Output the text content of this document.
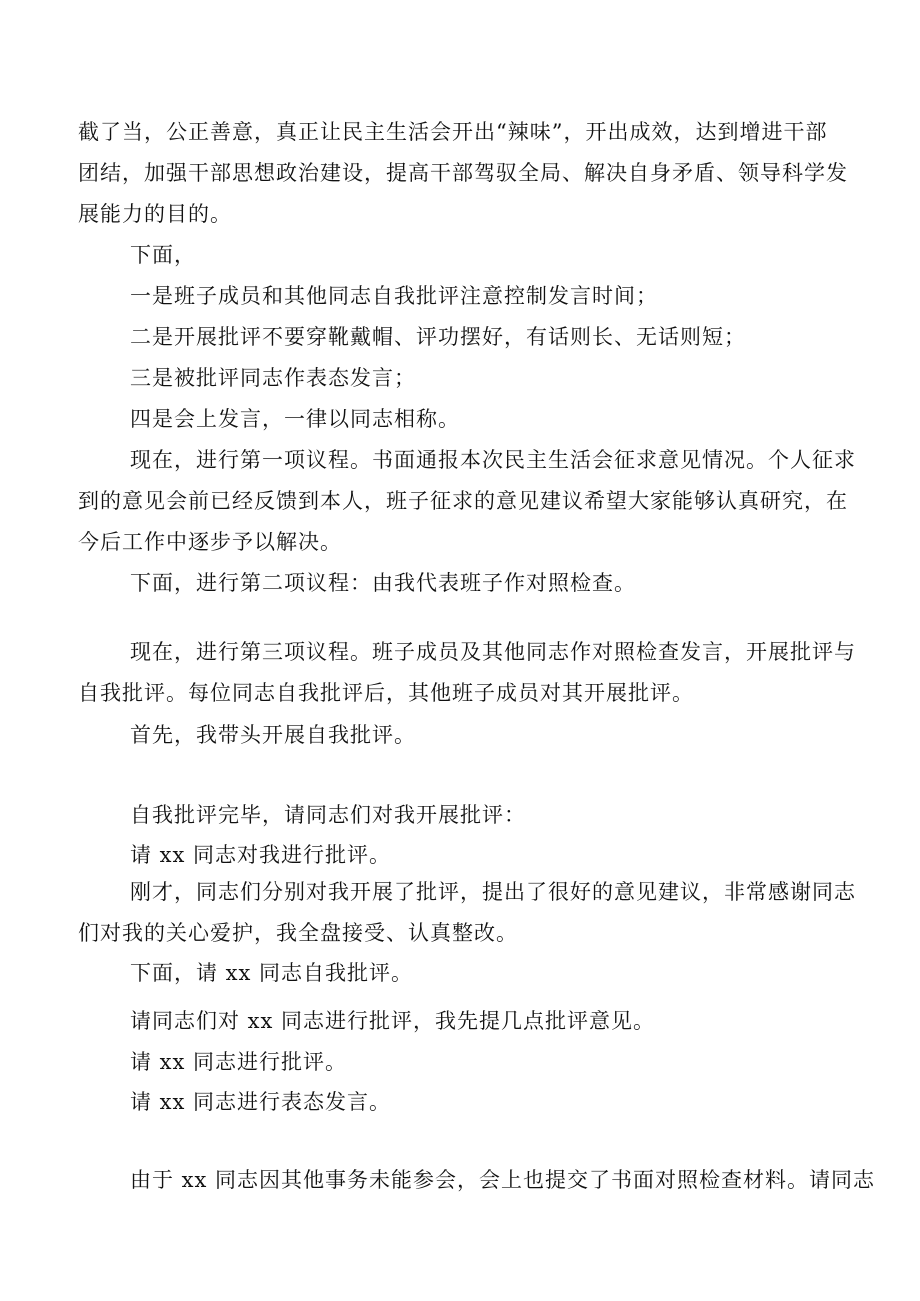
截了当，公正善意，真正让民主生活会开出“辣味”，开出成效，达到增进干部
团结，加强干部思想政治建设，提高干部驾驭全局、解决自身矛盾、领导科学发
展能力的目的。
下面，
一是班子成员和其他同志自我批评注意控制发言时间；
二是开展批评不要穿靴戴帽、评功摆好，有话则长、无话则短；
三是被批评同志作表态发言；
四是会上发言，一律以同志相称。
现在，进行第一项议程。书面通报本次民主生活会征求意见情况。个人征求
到的意见会前已经反馈到本人，班子征求的意见建议希望大家能够认真研究，在
今后工作中逐步予以解决。
下面，进行第二项议程：由我代表班子作对照检查。
现在，进行第三项议程。班子成员及其他同志作对照检查发言，开展批评与
自我批评。每位同志自我批评后，其他班子成员对其开展批评。
首先，我带头开展自我批评。
自我批评完毕，请同志们对我开展批评：
请 xx 同志对我进行批评。
刚才，同志们分别对我开展了批评，提出了很好的意见建议，非常感谢同志
们对我的关心爱护，我全盘接受、认真整改。
下面，请 xx 同志自我批评。
请同志们对 xx 同志进行批评，我先提几点批评意见。
请 xx 同志进行批评。
请 xx 同志进行表态发言。
由于 xx 同志因其他事务未能参会，会上也提交了书面对照检查材料。请同志
